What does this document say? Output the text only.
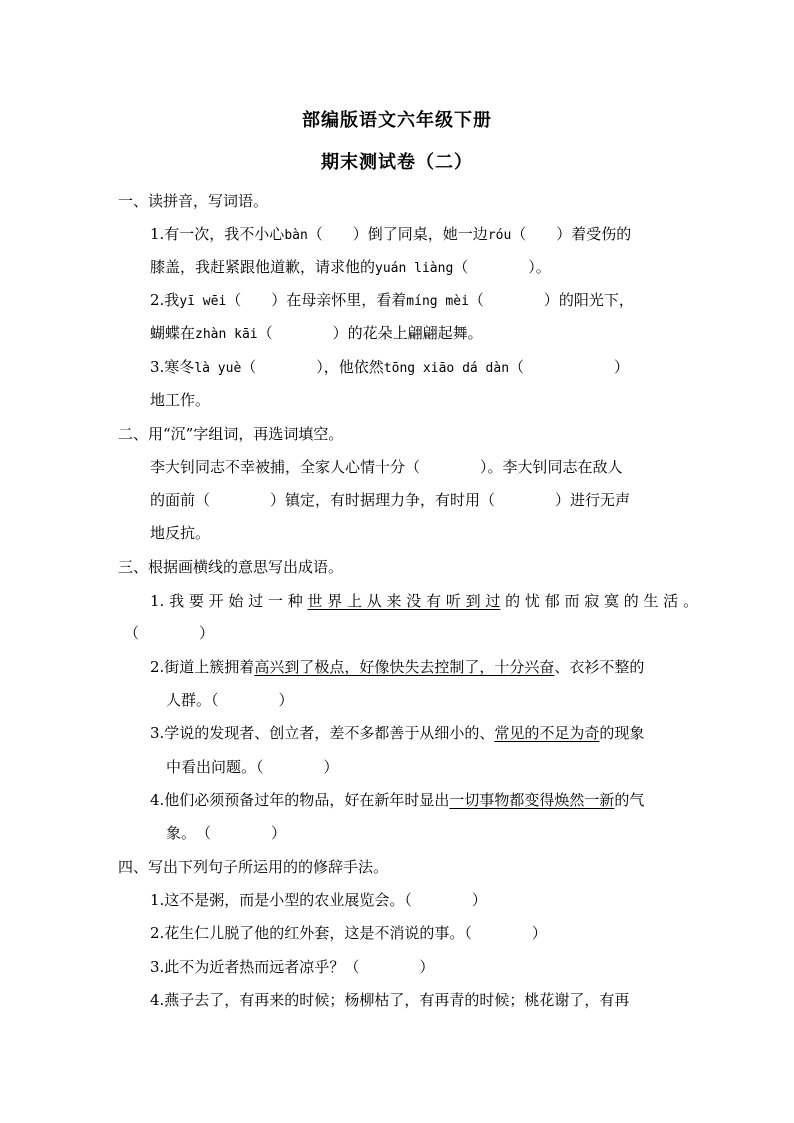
部编版语文六年级下册
期末测试卷（二）
一、读拼音，写词语。
1.有一次，我不小心bàn（　　）倒了同桌，她一边róu（　　）着受伤的
膝盖，我赶紧跟他道歉，请求他的yuán liàng（　　　　）。
2.我yī wēi（　　）在母亲怀里，看着míng mèi（　　　　）的阳光下，
蝴蝶在zhàn kāi（　　　　）的花朵上翩翩起舞。
3.寒冬là yuè（　　　　），他依然tōng xiāo dá dàn（　　　　　　）
地工作。
二、用“沉”字组词，再选词填空。
李大钊同志不幸被捕，全家人心情十分（　　　　）。李大钊同志在敌人
的面前（　　　　）镇定，有时据理力争，有时用（　　　　）进行无声
地反抗。
三、根据画横线的意思写出成语。
1. 我 要 开 始 过 一 种 世 界 上 从 来 没 有 听 到 过 的 忧 郁 而 寂 寞 的 生 活 。
（　　　　）
2.街道上簇拥着高兴到了极点，好像快失去控制了，十分兴奋、衣衫不整的
人群。（　　　　）
3.学说的发现者、创立者，差不多都善于从细小的、常见的不足为奇的现象
中看出问题。（　　　　）
4.他们必须预备过年的物品，好在新年时显出一切事物都变得焕然一新的气
象。　（　　　　）
四、写出下列句子所运用的的修辞手法。
1.这不是粥，而是小型的农业展览会。（　　　　）
2.花生仁儿脱了他的红外套，这是不消说的事。（　　　　）
3.此不为近者热而远者凉乎？（　　　　）
4.燕子去了，有再来的时候；杨柳枯了，有再青的时候；桃花谢了，有再
